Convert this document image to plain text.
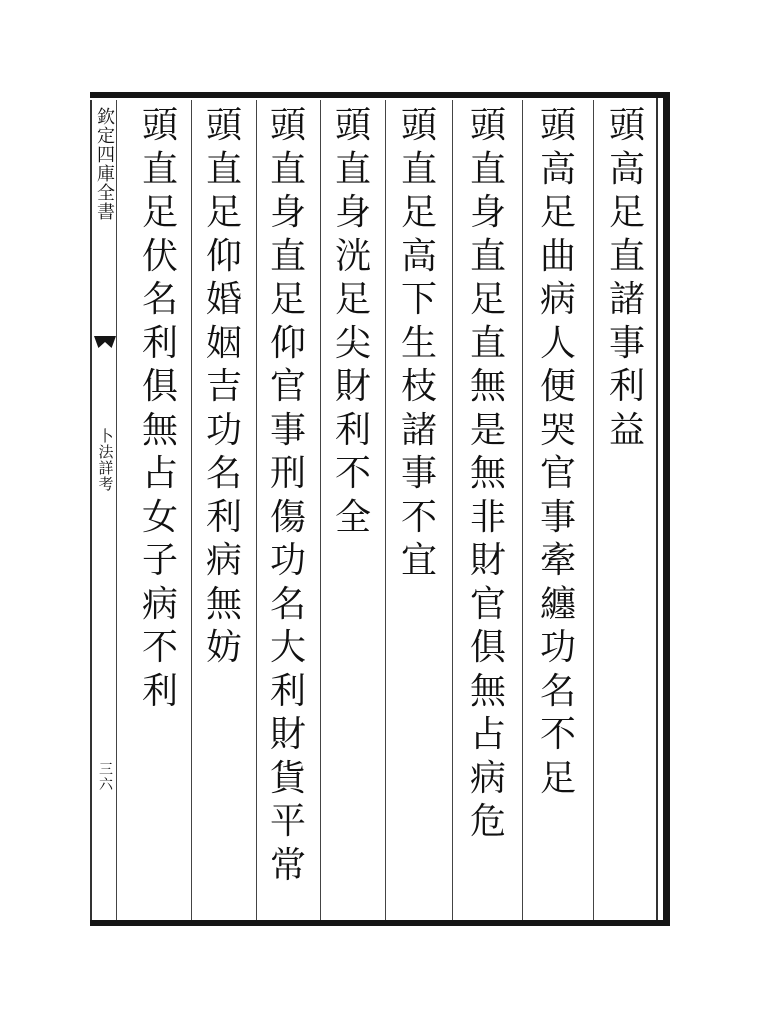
欽
定
四
庫
全
書
卜
法
詳
考
三
六
頭
高
足
直
諸
事
利
益
頭
高
足
曲
病
人
便
哭
官
事
牽
纏
功
名
不
足
頭
直
身
直
足
直
無
是
無
非
財
官
俱
無
占
病
危
頭
直
足
高
下
生
枝
諸
事
不
宜
頭
直
身
洸
足
尖
財
利
不
全
頭
直
身
直
足
仰
官
事
刑
傷
功
名
大
利
財
貨
平
常
頭
直
足
仰
婚
姻
吉
功
名
利
病
無
妨
頭
直
足
伏
名
利
俱
無
占
女
子
病
不
利
